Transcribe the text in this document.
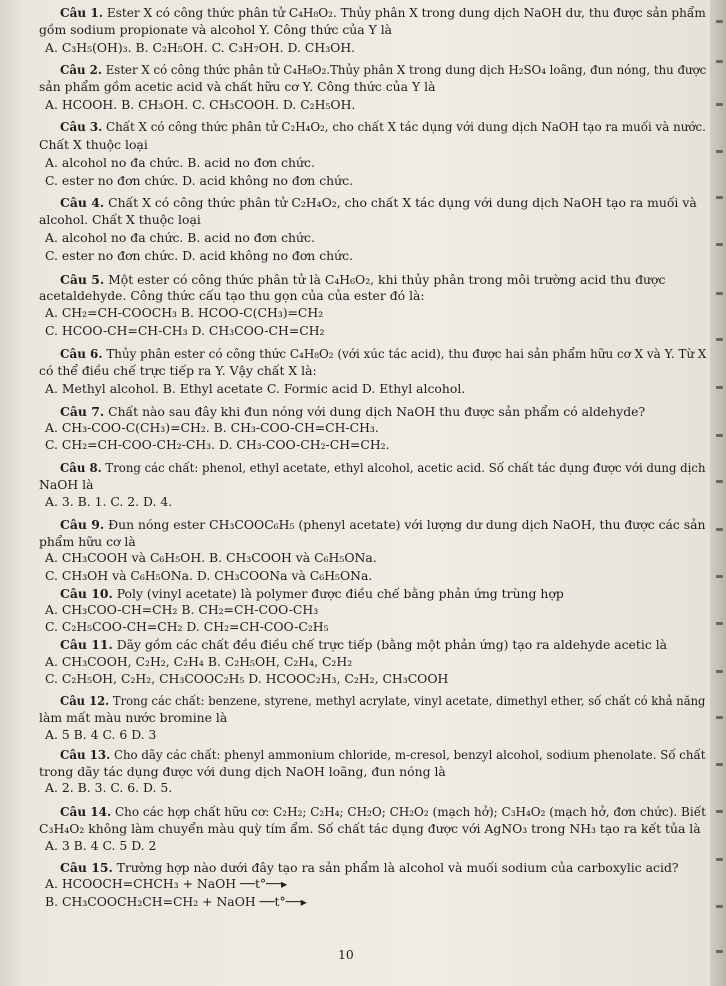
Câu 1. Ester X có công thức phân tử C₄H₈O₂. Thủy phân X trong dung dịch NaOH dư, thu được sản phẩm
gồm sodium propionate và alcohol Y. Công thức của Y là
A. C₃H₅(OH)₃. B. C₂H₅OH. C. C₃H₇OH. D. CH₃OH.
Câu 2. Ester X có công thức phân tử C₄H₈O₂.Thủy phân X trong dung dịch H₂SO₄ loãng, đun nóng, thu được
sản phẩm gồm acetic acid và chất hữu cơ Y. Công thức của Y là
A. HCOOH. B. CH₃OH. C. CH₃COOH. D. C₂H₅OH.
Câu 3. Chất X có công thức phân tử C₂H₄O₂, cho chất X tác dụng với dung dịch NaOH tạo ra muối và nước.
Chất X thuộc loại
A. alcohol no đa chức. B. acid no đơn chức.
C. ester no đơn chức. D. acid không no đơn chức.
Câu 4. Chất X có công thức phân tử C₂H₄O₂, cho chất X tác dụng với dung dịch NaOH tạo ra muối và
alcohol. Chất X thuộc loại
A. alcohol no đa chức. B. acid no đơn chức.
C. ester no đơn chức. D. acid không no đơn chức.
Câu 5. Một ester có công thức phân tử là C₄H₆O₂, khi thủy phân trong môi trường acid thu được
acetaldehyde. Công thức cấu tạo thu gọn của của ester đó là:
A. CH₂=CH-COOCH₃ B. HCOO-C(CH₃)=CH₂
C. HCOO-CH=CH-CH₃ D. CH₃COO-CH=CH₂
Câu 6. Thủy phân ester có công thức C₄H₈O₂ (với xúc tác acid), thu được hai sản phẩm hữu cơ X và Y. Từ X
có thể điều chế trực tiếp ra Y. Vậy chất X là:
A. Methyl alcohol. B. Ethyl acetate C. Formic acid D. Ethyl alcohol.
Câu 7. Chất nào sau đây khi đun nóng với dung dịch NaOH thu được sản phẩm có aldehyde?
A. CH₃-COO-C(CH₃)=CH₂. B. CH₃-COO-CH=CH-CH₃.
C. CH₂=CH-COO-CH₂-CH₃. D. CH₃-COO-CH₂-CH=CH₂.
Câu 8. Trong các chất: phenol, ethyl acetate, ethyl alcohol, acetic acid. Số chất tác dụng được với dung dịch
NaOH là
A. 3. B. 1. C. 2. D. 4.
Câu 9. Đun nóng ester CH₃COOC₆H₅ (phenyl acetate) với lượng dư dung dịch NaOH, thu được các sản
phẩm hữu cơ là
A. CH₃COOH và C₆H₅OH. B. CH₃COOH và C₆H₅ONa.
C. CH₃OH và C₆H₅ONa. D. CH₃COONa và C₆H₅ONa.
Câu 10. Poly (vinyl acetate) là polymer được điều chế bằng phản ứng trùng hợp
A. CH₃COO-CH=CH₂ B. CH₂=CH-COO-CH₃
C. C₂H₅COO-CH=CH₂ D. CH₂=CH-COO-C₂H₅
Câu 11. Dãy gồm các chất đều điều chế trực tiếp (bằng một phản ứng) tạo ra aldehyde acetic là
A. CH₃COOH, C₂H₂, C₂H₄ B. C₂H₅OH, C₂H₄, C₂H₂
C. C₂H₅OH, C₂H₂, CH₃COOC₂H₅ D. HCOOC₂H₃, C₂H₂, CH₃COOH
Câu 12. Trong các chất: benzene, styrene, methyl acrylate, vinyl acetate, dimethyl ether, số chất có khả năng
làm mất màu nước bromine là
A. 5 B. 4 C. 6 D. 3
Câu 13. Cho dãy các chất: phenyl ammonium chloride, m-cresol, benzyl alcohol, sodium phenolate. Số chất
trong dãy tác dụng được với dung dịch NaOH loãng, đun nóng là
A. 2. B. 3. C. 6. D. 5.
Câu 14. Cho các hợp chất hữu cơ: C₂H₂; C₂H₄; CH₂O; CH₂O₂ (mạch hở); C₃H₄O₂ (mạch hở, đơn chức). Biết
C₃H₄O₂ không làm chuyển màu quỳ tím ẩm. Số chất tác dụng được với AgNO₃ trong NH₃ tạo ra kết tủa là
A. 3 B. 4 C. 5 D. 2
Câu 15. Trường hợp nào dưới đây tạo ra sản phẩm là alcohol và muối sodium của carboxylic acid?
A. HCOOCH=CHCH₃ + NaOH ──t°──▸
B. CH₃COOCH₂CH=CH₂ + NaOH ──t°──▸
10
